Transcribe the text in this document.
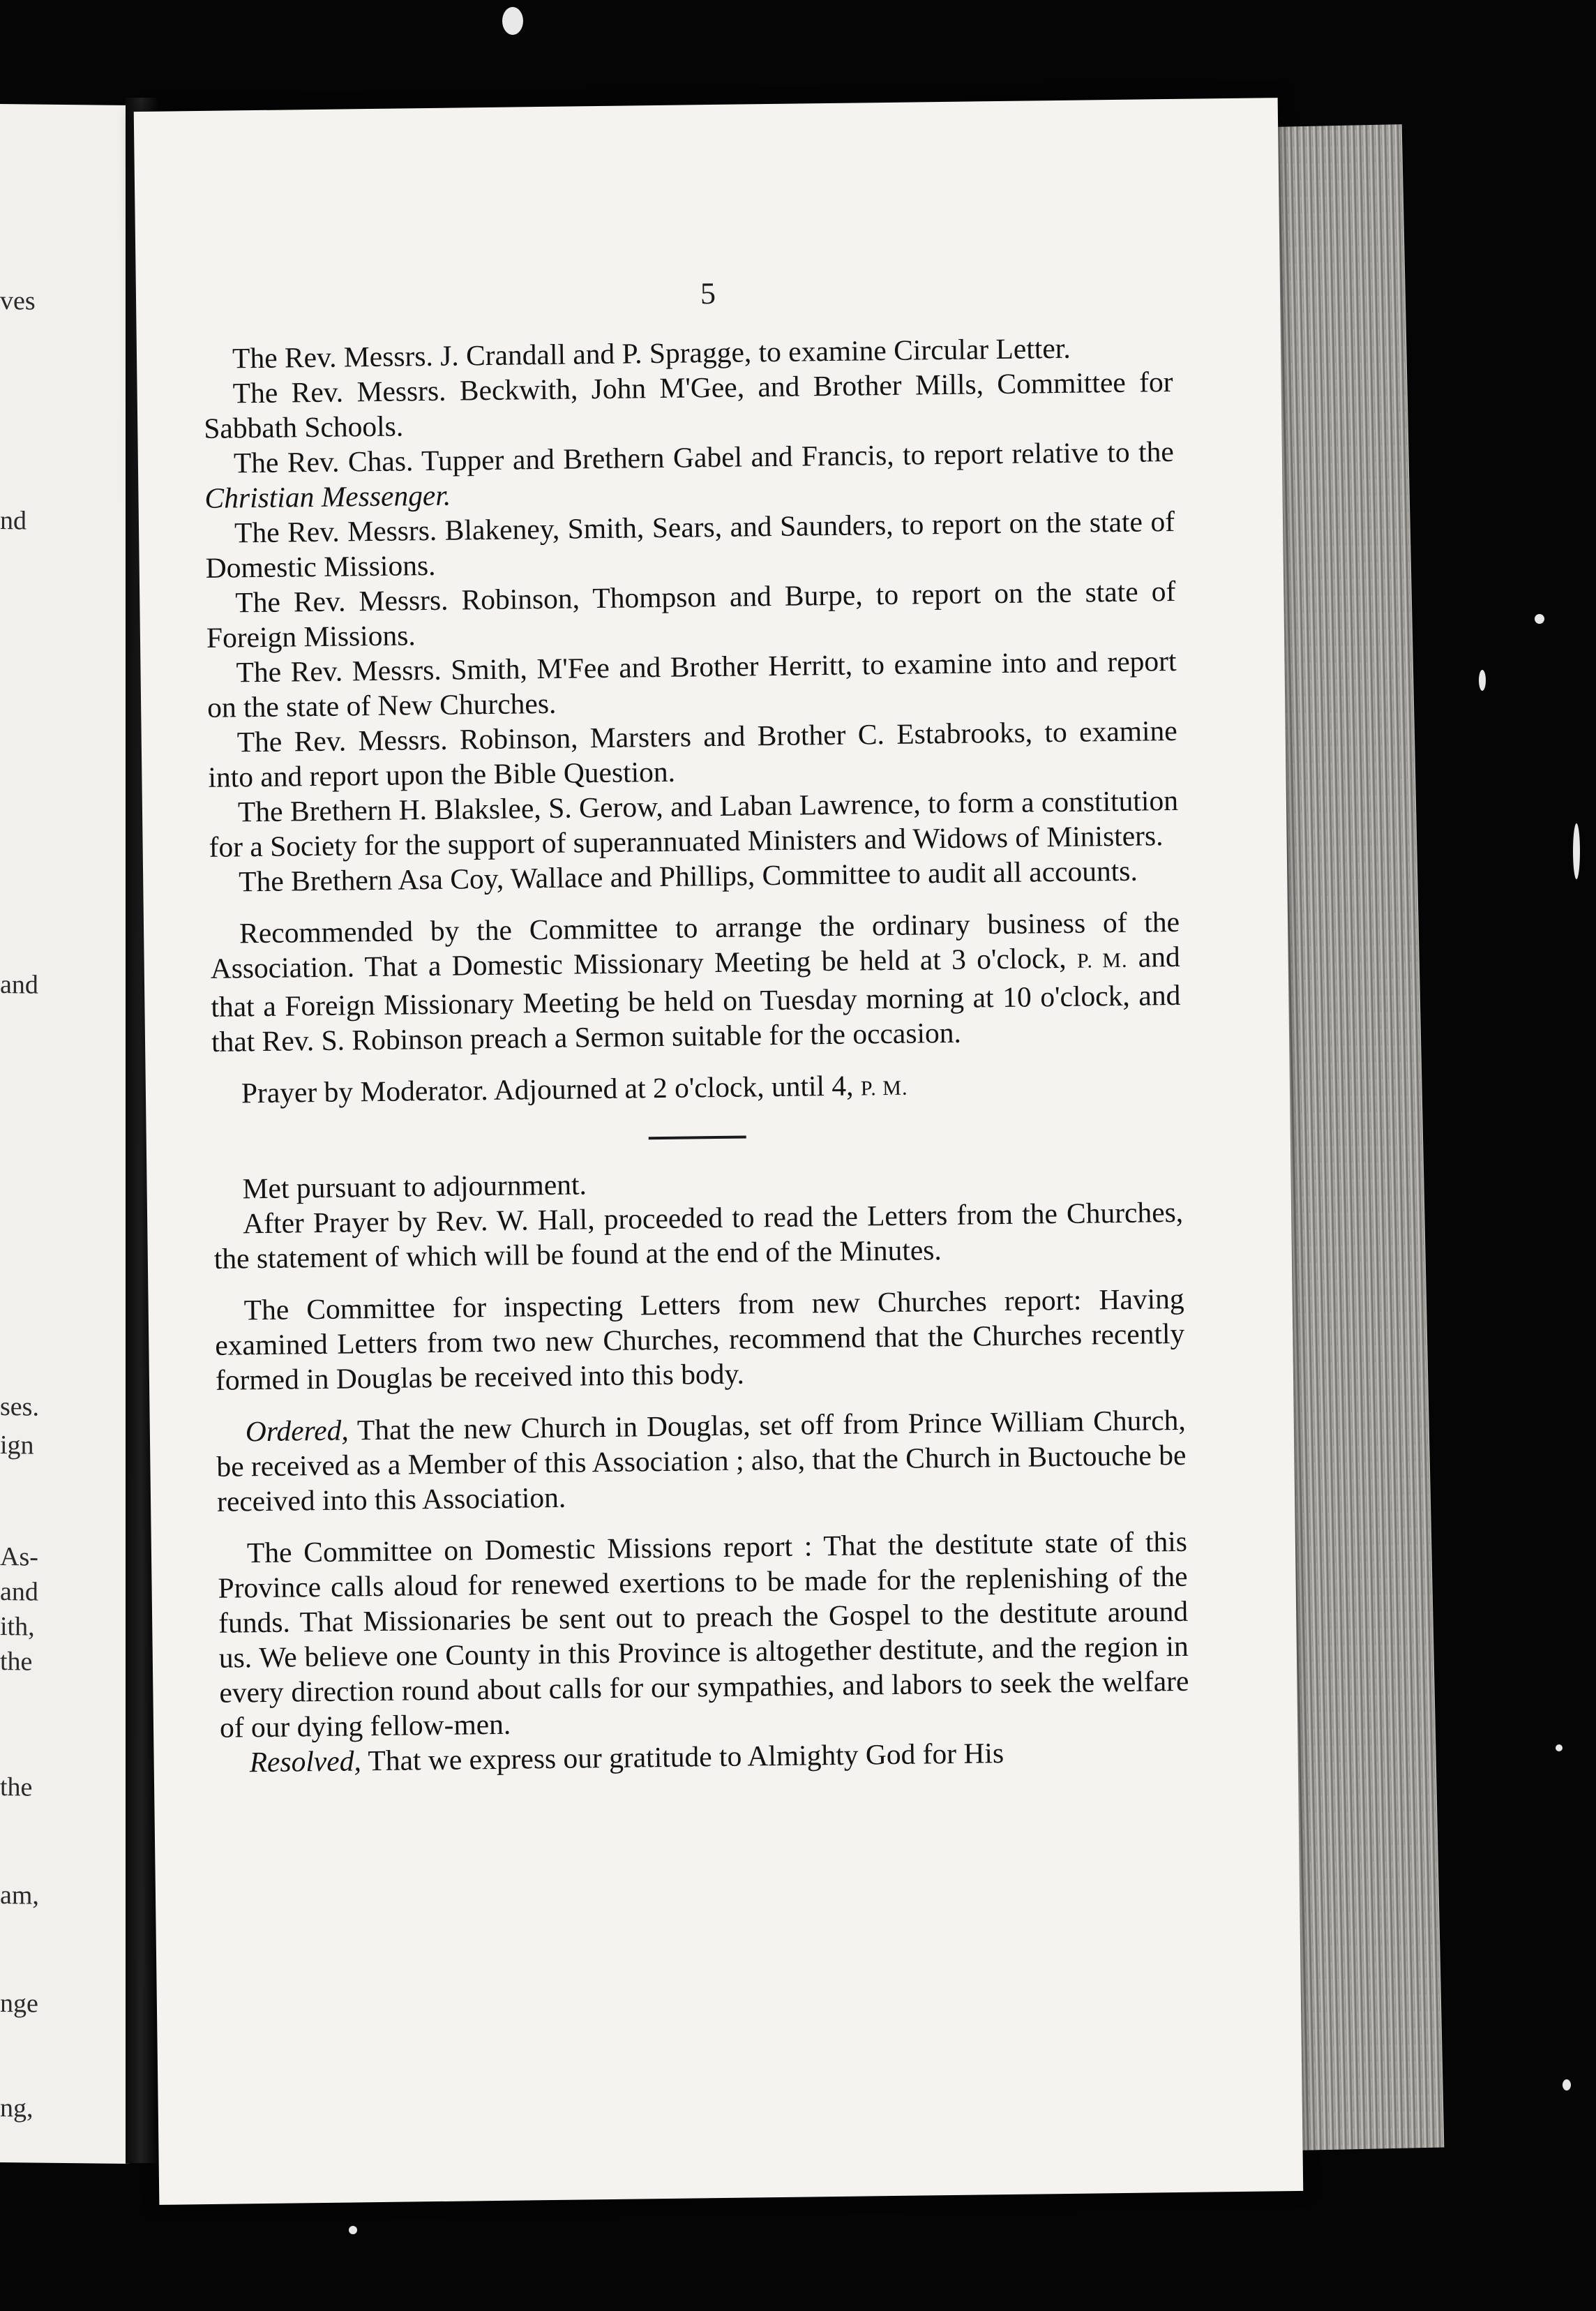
ves
nd
and
ses.
ign
As-
and
ith,
the
the
am,
nge
ng,
5

The Rev. Messrs. J. Crandall and P. Spragge, to examine Circular Letter.

The Rev. Messrs. Beckwith, John M'Gee, and Brother Mills, Committee for Sabbath Schools.

The Rev. Chas. Tupper and Brethern Gabel and Francis, to report relative to the Christian Messenger.

The Rev. Messrs. Blakeney, Smith, Sears, and Saunders, to report on the state of Domestic Missions.

The Rev. Messrs. Robinson, Thompson and Burpe, to report on the state of Foreign Missions.

The Rev. Messrs. Smith, M'Fee and Brother Herritt, to examine into and report on the state of New Churches.

The Rev. Messrs. Robinson, Marsters and Brother C. Estabrooks, to examine into and report upon the Bible Question.

The Brethern H. Blakslee, S. Gerow, and Laban Lawrence, to form a constitution for a Society for the support of superannuated Ministers and Widows of Ministers.

The Brethern Asa Coy, Wallace and Phillips, Committee to audit all accounts.

Recommended by the Committee to arrange the ordinary business of the Association. That a Domestic Missionary Meeting be held at 3 o'clock, P. M. and that a Foreign Missionary Meeting be held on Tuesday morning at 10 o'clock, and that Rev. S. Robinson preach a Sermon suitable for the occasion.

Prayer by Moderator. Adjourned at 2 o'clock, until 4, P. M.

Met pursuant to adjournment.

After Prayer by Rev. W. Hall, proceeded to read the Letters from the Churches, the statement of which will be found at the end of the Minutes.

The Committee for inspecting Letters from new Churches report: Having examined Letters from two new Churches, recommend that the Churches recently formed in Douglas be received into this body.

Ordered, That the new Church in Douglas, set off from Prince William Church, be received as a Member of this Association ; also, that the Church in Buctouche be received into this Association.

The Committee on Domestic Missions report : That the destitute state of this Province calls aloud for renewed exertions to be made for the replenishing of the funds. That Missionaries be sent out to preach the Gospel to the destitute around us. We believe one County in this Province is altogether destitute, and the region in every direction round about calls for our sympathies, and labors to seek the welfare of our dying fellow-men.

Resolved, That we express our gratitude to Almighty God for His
